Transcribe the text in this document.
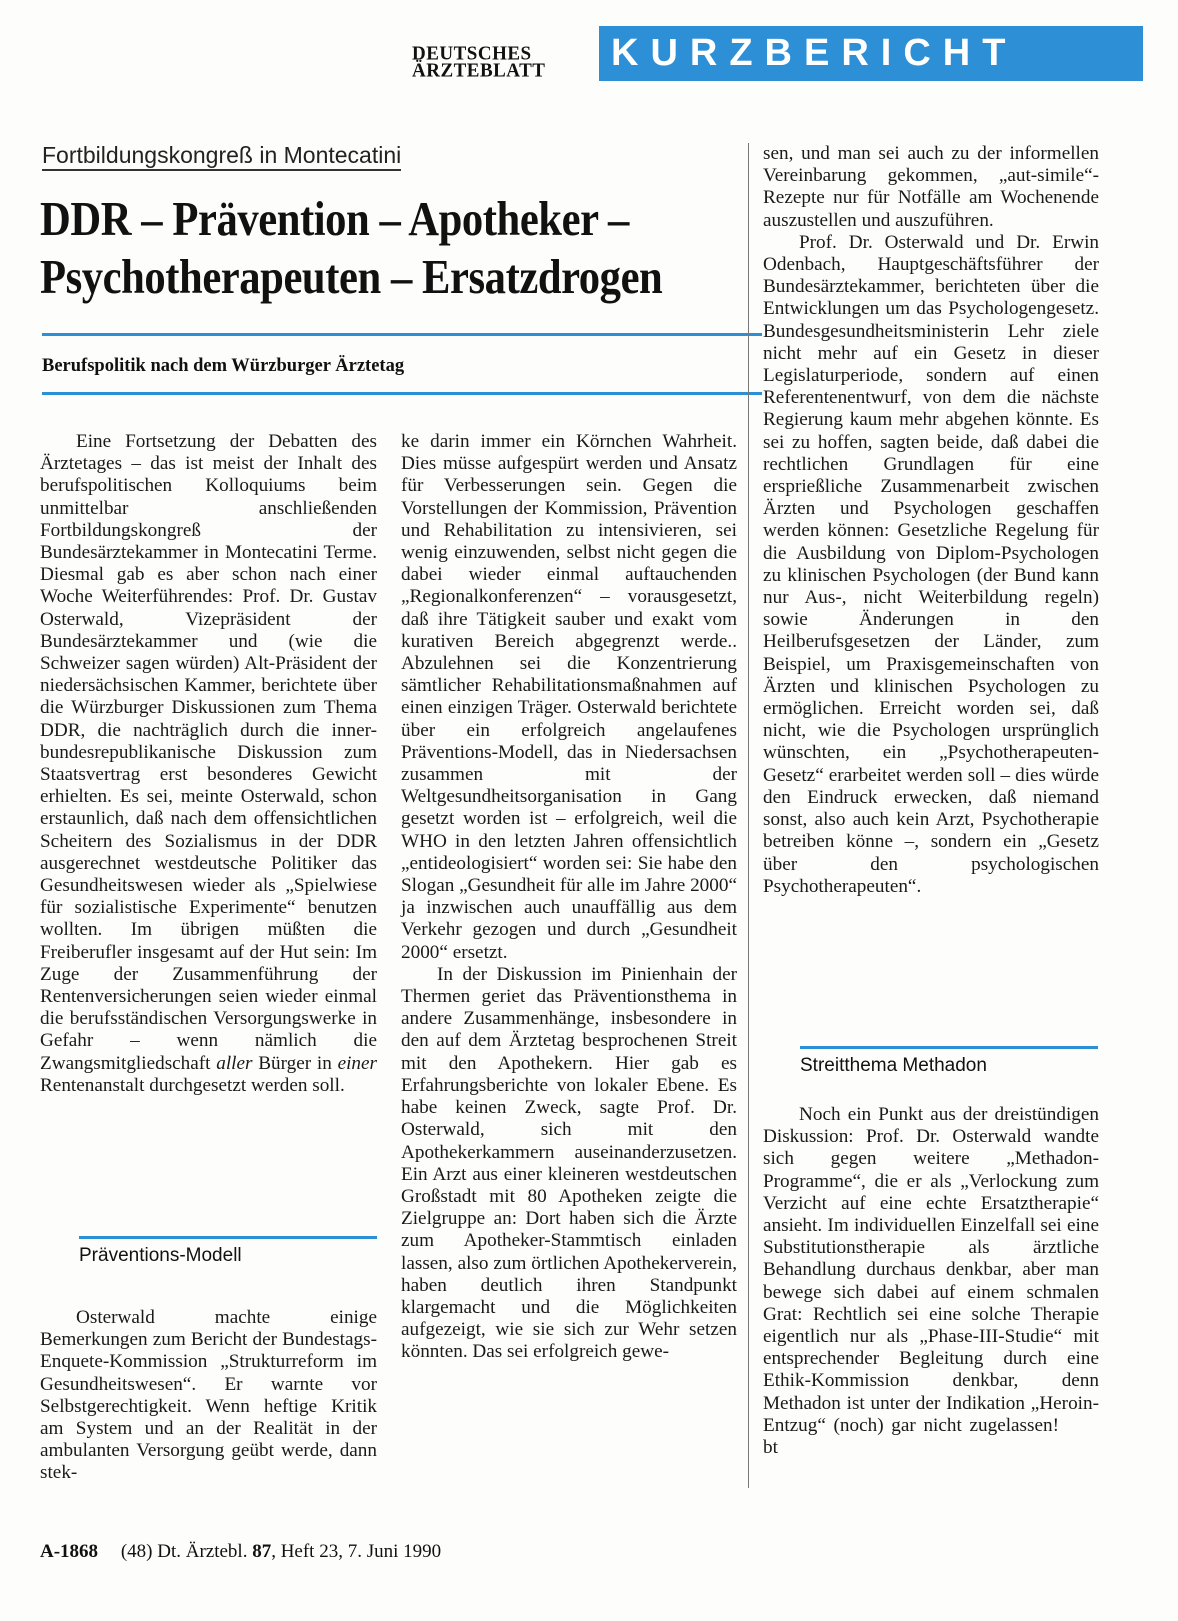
DEUTSCHES
ÄRZTEBLATT	KURZBERICHT
Fortbildungskongreß in Montecatini
DDR – Prävention – Apotheker –
Psychotherapeuten – Ersatzdrogen
Berufspolitik nach dem Würzburger Ärztetag

Eine Fortsetzung der Debatten des Ärztetages – das ist meist der Inhalt des berufspolitischen Kolloquiums beim unmittelbar anschließenden Fortbildungskongreß der Bundesärztekammer in Montecatini Terme. Diesmal gab es aber schon nach einer Woche Weiterführendes: Prof. Dr. Gustav Osterwald, Vizepräsident der Bundesärztekammer und (wie die Schweizer sagen würden) Alt-Präsident der niedersächsischen Kammer, berichtete über die Würzburger Diskussionen zum Thema DDR, die nachträglich durch die inner-bundesrepublikanische Diskussion zum Staatsvertrag erst besonderes Gewicht erhielten. Es sei, meinte Osterwald, schon erstaunlich, daß nach dem offensichtlichen Scheitern des Sozialismus in der DDR ausgerechnet westdeutsche Politiker das Gesundheitswesen wieder als „Spielwiese für sozialistische Experimente“ benutzen wollten. Im übrigen müßten die Freiberufler insgesamt auf der Hut sein: Im Zuge der Zusammenführung der Rentenversicherungen seien wieder einmal die berufsständischen Versorgungswerke in Gefahr – wenn nämlich die Zwangsmitgliedschaft aller Bürger in einer Rentenanstalt durchgesetzt werden soll.

Präventions-Modell

Osterwald machte einige Bemerkungen zum Bericht der Bundestags-Enquete-Kommission „Strukturreform im Gesundheitswesen“. Er warnte vor Selbstgerechtigkeit. Wenn heftige Kritik am System und an der Realität in der ambulanten Versorgung geübt werde, dann stek-

ke darin immer ein Körnchen Wahrheit. Dies müsse aufgespürt werden und Ansatz für Verbesserungen sein. Gegen die Vorstellungen der Kommission, Prävention und Rehabilitation zu intensivieren, sei wenig einzuwenden, selbst nicht gegen die dabei wieder einmal auftauchenden „Regionalkonferenzen“ – vorausgesetzt, daß ihre Tätigkeit sauber und exakt vom kurativen Bereich abgegrenzt werde.. Abzulehnen sei die Konzentrierung sämtlicher Rehabilitationsmaßnahmen auf einen einzigen Träger. Osterwald berichtete über ein erfolgreich angelaufenes Präventions-Modell, das in Niedersachsen zusammen mit der Weltgesundheitsorganisation in Gang gesetzt worden ist – erfolgreich, weil die WHO in den letzten Jahren offensichtlich „entideologisiert“ worden sei: Sie habe den Slogan „Gesundheit für alle im Jahre 2000“ ja inzwischen auch unauffällig aus dem Verkehr gezogen und durch „Gesundheit 2000“ ersetzt.

In der Diskussion im Pinienhain der Thermen geriet das Präventionsthema in andere Zusammenhänge, insbesondere in den auf dem Ärztetag besprochenen Streit mit den Apothekern. Hier gab es Erfahrungsberichte von lokaler Ebene. Es habe keinen Zweck, sagte Prof. Dr. Osterwald, sich mit den Apothekerkammern auseinanderzusetzen. Ein Arzt aus einer kleineren westdeutschen Großstadt mit 80 Apotheken zeigte die Zielgruppe an: Dort haben sich die Ärzte zum Apotheker-Stammtisch einladen lassen, also zum örtlichen Apothekerverein, haben deutlich ihren Standpunkt klargemacht und die Möglichkeiten aufgezeigt, wie sie sich zur Wehr setzen könnten. Das sei erfolgreich gewe-

sen, und man sei auch zu der informellen Vereinbarung gekommen, „aut-simile“-Rezepte nur für Notfälle am Wochenende auszustellen und auszuführen.

Prof. Dr. Osterwald und Dr. Erwin Odenbach, Hauptgeschäftsführer der Bundesärztekammer, berichteten über die Entwicklungen um das Psychologengesetz. Bundesgesundheitsministerin Lehr ziele nicht mehr auf ein Gesetz in dieser Legislaturperiode, sondern auf einen Referentenentwurf, von dem die nächste Regierung kaum mehr abgehen könnte. Es sei zu hoffen, sagten beide, daß dabei die rechtlichen Grundlagen für eine ersprießliche Zusammenarbeit zwischen Ärzten und Psychologen geschaffen werden können: Gesetzliche Regelung für die Ausbildung von Diplom-Psychologen zu klinischen Psychologen (der Bund kann nur Aus-, nicht Weiterbildung regeln) sowie Änderungen in den Heilberufsgesetzen der Länder, zum Beispiel, um Praxisgemeinschaften von Ärzten und klinischen Psychologen zu ermöglichen. Erreicht worden sei, daß nicht, wie die Psychologen ursprünglich wünschten, ein „Psychotherapeuten-Gesetz“ erarbeitet werden soll – dies würde den Eindruck erwecken, daß niemand sonst, also auch kein Arzt, Psychotherapie betreiben könne –, sondern ein „Gesetz über den psychologischen Psychotherapeuten“.

Streitthema Methadon

Noch ein Punkt aus der dreistündigen Diskussion: Prof. Dr. Osterwald wandte sich gegen weitere „Methadon-Programme“, die er als „Verlockung zum Verzicht auf eine echte Ersatztherapie“ ansieht. Im individuellen Einzelfall sei eine Substitutionstherapie als ärztliche Behandlung durchaus denkbar, aber man bewege sich dabei auf einem schmalen Grat: Rechtlich sei eine solche Therapie eigentlich nur als „Phase-III-Studie“ mit entsprechender Begleitung durch eine Ethik-Kommission denkbar, denn Methadon ist unter der Indikation „Heroin-Entzug“ (noch) gar nicht zugelassen!bt

A-1868 (48) Dt. Ärztebl. 87, Heft 23, 7. Juni 1990
